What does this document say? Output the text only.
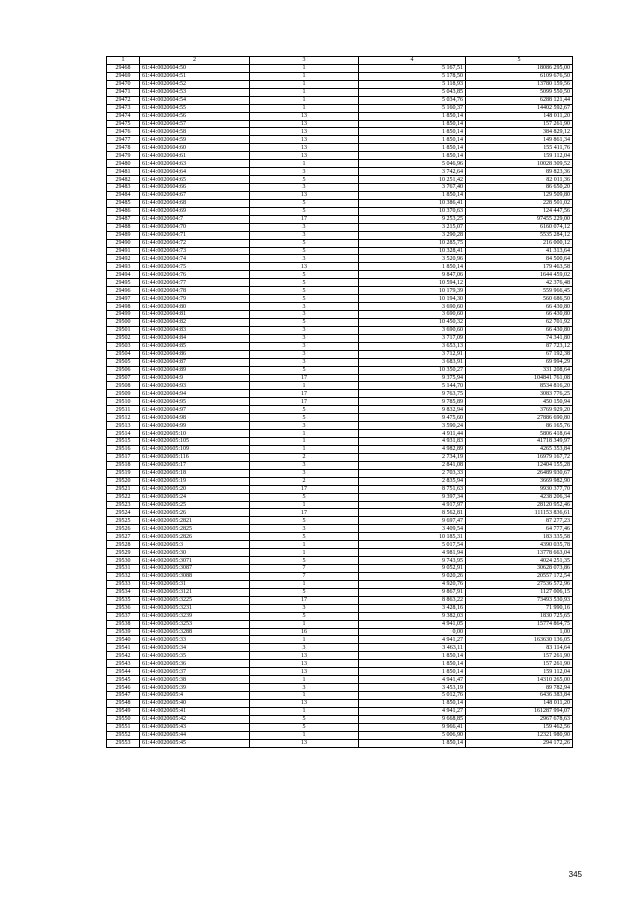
1	2	3	4	5
29468	61:44:0020604:50	1	5 167,51	18086 295,00
29469	61:44:0020604:51	1	5 178,50	6109 676,50
29470	61:44:0020604:52	1	5 118,93	13780 159,56
29471	61:44:0020604:53	1	5 043,85	5099 550,50
29472	61:44:0020604:54	1	5 034,76	6288 121,44
29473	61:44:0020604:55	1	5 160,37	14402 592,67
29474	61:44:0020604:56	13	1 850,14	148 011,20
29475	61:44:0020604:57	13	1 850,14	157 261,90
29476	61:44:0020604:58	13	1 850,14	384 829,12
29477	61:44:0020604:59	13	1 850,14	149 861,34
29478	61:44:0020604:60	13	1 850,14	155 411,76
29479	61:44:0020604:61	13	1 850,14	159 112,04
29480	61:44:0020604:63	1	5 046,96	10028 309,52
29481	61:44:0020604:64	3	3 742,64	89 823,36
29482	61:44:0020604:65	5	10 251,42	82 011,36
29483	61:44:0020604:66	3	3 767,40	86 650,20
29484	61:44:0020604:67	13	1 850,14	129 509,80
29485	61:44:0020604:68	5	10 386,41	228 501,02
29486	61:44:0020604:69	5	10 370,63	124 447,56
29487	61:44:0020604:7	17	9 253,25	97455 229,00
29488	61:44:0020604:70	3	3 215,07	6160 074,12
29489	61:44:0020604:71	3	3 290,28	5535 284,12
29490	61:44:0020604:72	5	10 285,75	216 000,12
29491	61:44:0020604:73	5	10 328,41	41 313,64
29492	61:44:0020604:74	3	3 520,96	84 500,64
29493	61:44:0020604:75	13	1 850,14	179 463,58
29494	61:44:0020604:76	5	9 847,06	1644 459,02
29495	61:44:0020604:77	5	10 594,12	42 376,48
29496	61:44:0020604:78	5	10 179,39	559 966,45
29497	61:44:0020604:79	5	10 194,30	560 686,50
29498	61:44:0020604:80	3	3 690,60	66 430,80
29499	61:44:0020604:81	3	3 690,60	66 430,80
29500	61:44:0020604:82	5	10 450,32	62 701,92
29501	61:44:0020604:83	3	3 690,60	66 430,80
29502	61:44:0020604:84	3	3 717,09	74 341,80
29503	61:44:0020604:85	3	3 653,13	87 723,12
29504	61:44:0020604:86	3	3 712,91	67 192,38
29505	61:44:0020604:87	3	3 683,91	69 994,29
29506	61:44:0020604:89	5	10 350,27	331 208,64
29507	61:44:0020604:9	17	9 375,94	104841 761,08
29508	61:44:0020604:93	1	5 144,70	8534 816,20
29509	61:44:0020604:94	17	9 763,75	3083 776,25
29510	61:44:0020604:95	17	9 785,89	450 150,94
29511	61:44:0020604:97	5	9 832,94	3769 929,20
29512	61:44:0020604:98	5	9 475,60	27886 690,80
29513	61:44:0020604:99	3	3 590,24	86 165,76
29514	61:44:0020605:10	1	4 911,44	5806 418,64
29515	61:44:0020605:105	1	4 931,83	41718 349,97
29516	61:44:0020605:109	1	4 982,89	4265 353,84
29517	61:44:0020605:116	2	2 734,19	16979 167,72
29518	61:44:0020605:17	3	2 841,08	12404 155,28
29519	61:44:0020605:18	3	2 703,33	26489 930,67
29520	61:44:0020605:19	2	2 835,94	3669 982,90
29521	61:44:0020605:20	17	8 751,63	9930 377,70
29522	61:44:0020605:24	5	9 397,34	4238 206,34
29523	61:44:0020605:25	1	4 917,97	28120 952,46
29524	61:44:0020605:26	17	8 562,81	111153 836,61
29525	61:44:0020605:2821	5	9 697,47	87 277,23
29526	61:44:0020605:2825	3	3 409,54	64 777,46
29527	61:44:0020605:2826	5	10 185,31	183 335,58
29528	61:44:0020605:3	1	5 017,54	4390 035,78
29529	61:44:0020605:30	1	4 981,94	13778 663,04
29530	61:44:0020605:3071	5	9 743,95	4024 251,35
29531	61:44:0020605:3087	7	9 052,91	30628 073,86
29532	61:44:0020605:3088	7	9 020,26	20557 172,54
29533	61:44:0020605:31	1	4 920,76	27536 572,96
29534	61:44:0020605:3121	5	9 867,91	1127 006,15
29535	61:44:0020605:3225	17	8 863,22	73493 530,93
29536	61:44:0020605:3231	3	3 428,16	71 990,16
29537	61:44:0020605:3239	5	9 382,03	1830 725,65
29538	61:44:0020605:3253	1	4 941,05	15774 864,75
29539	61:44:0020605:3288	16	0,00	1,00
29540	61:44:0020605:33	1	4 941,27	163630 136,05
29541	61:44:0020605:34	3	3 463,11	83 114,64
29542	61:44:0020605:35	13	1 850,14	157 261,90
29543	61:44:0020605:36	13	1 850,14	157 261,90
29544	61:44:0020605:37	13	1 850,14	159 112,04
29545	61:44:0020605:38	1	4 941,47	14310 265,00
29546	61:44:0020605:39	3	3 453,19	89 782,94
29547	61:44:0020605:4	1	5 012,76	6436 383,84
29548	61:44:0020605:40	13	1 850,14	148 011,20
29549	61:44:0020605:41	1	4 941,27	161287 994,07
29550	61:44:0020605:42	5	9 668,85	2967 678,63
29551	61:44:0020605:43	5	9 966,41	159 462,56
29552	61:44:0020605:44	1	5 006,90	12321 980,90
29553	61:44:0020605:45	13	1 850,14	294 172,26
345
